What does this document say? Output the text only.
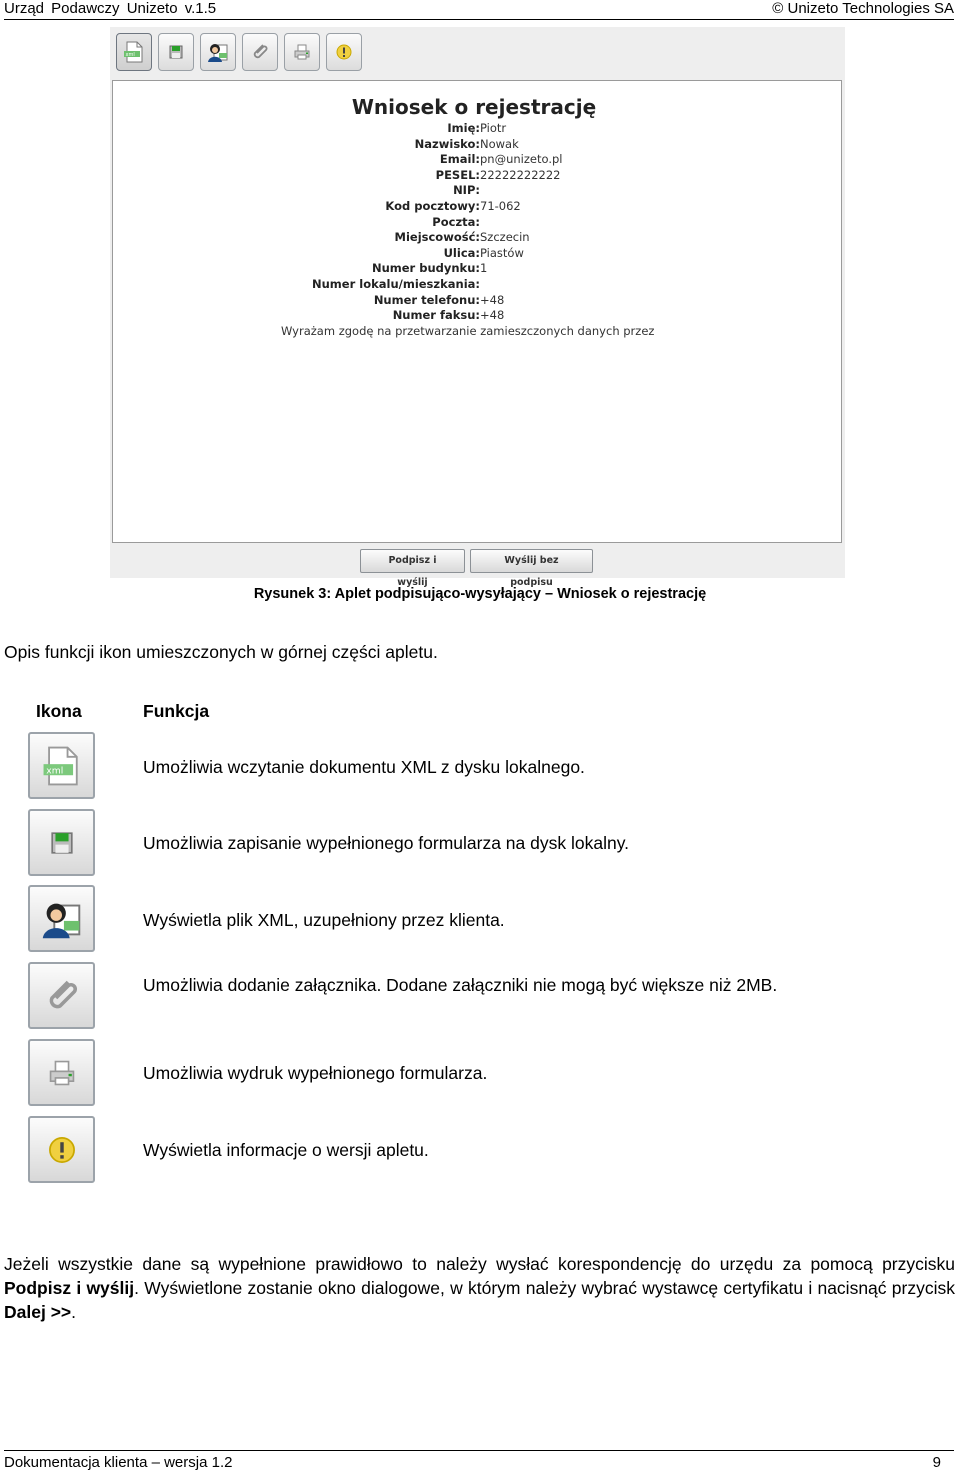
Urząd Podawczy Unizeto v.1.5	© Unizeto Technologies SA
xml
Wniosek o rejestrację
Imię:Piotr
Nazwisko:Nowak
Email:pn@unizeto.pl
PESEL:22222222222
NIP:
Kod pocztowy:71-062
Poczta:
Miejscowość:Szczecin
Ulica:Piastów
Numer budynku:1
Numer lokalu/mieszkania:
Numer telefonu:+48
Numer faksu:+48
Wyrażam zgodę na przetwarzanie zamieszczonych danych przez
Podpisz i wyślij
Wyślij bez podpisu
Rysunek 3: Aplet podpisująco-wysyłający – Wniosek o rejestrację
Opis funkcji ikon umieszczonych w górnej części apletu.
Ikona	Funkcja
xml	Umożliwia wczytanie dokumentu XML z dysku lokalnego.
Umożliwia zapisanie wypełnionego formularza na dysk lokalny.
Wyświetla plik XML, uzupełniony przez klienta.
Umożliwia dodanie załącznika. Dodane załączniki nie mogą być większe niż 2MB.
Umożliwia wydruk wypełnionego formularza.
Wyświetla informacje o wersji apletu.
Jeżeli wszystkie dane są wypełnione prawidłowo to należy wysłać korespondencję do urzędu za pomocą przycisku Podpisz i wyślij. Wyświetlone zostanie okno dialogowe, w którym należy wybrać wystawcę certyfikatu i nacisnąć przycisk Dalej >>.
Dokumentacja klienta – wersja 1.2	9
